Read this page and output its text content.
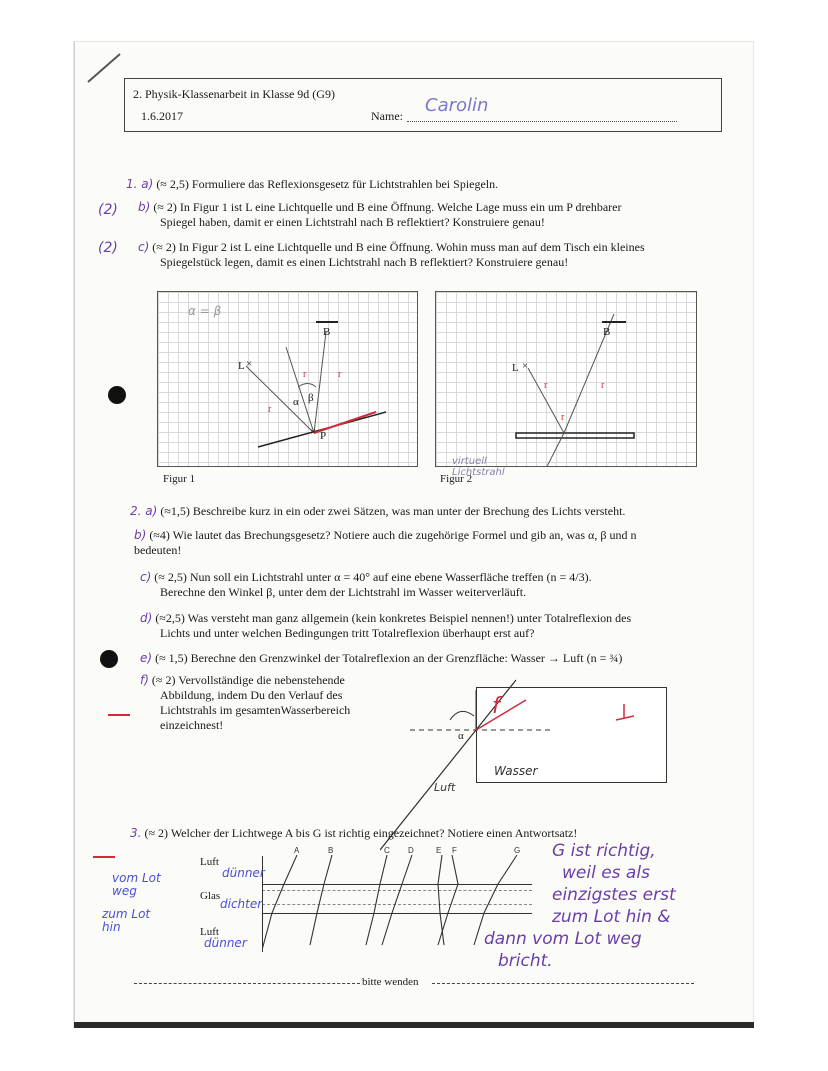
2. Physik-Klassenarbeit in Klasse 9d (G9)
1.6.2017	Name: Carolin
1. a) (≈ 2,5) Formuliere das Reflexionsgesetz für Lichtstrahlen bei Spiegeln.
(2) b) (≈ 2) In Figur 1 ist L eine Lichtquelle und B eine Öffnung. Welche Lage muss ein um P drehbarer
Spiegel haben, damit er einen Lichtstrahl nach B reflektiert? Konstruiere genau!
(2) c) (≈ 2) In Figur 2 ist L eine Lichtquelle und B eine Öffnung. Wohin muss man auf dem Tisch ein kleines
Spiegelstück legen, damit es einen Lichtstrahl nach B reflektiert? Konstruiere genau!
r
r	r
L ×
B
P
×
α β
α = β
Figur 1
r	r
r
L ×
B
Figur 2
virtuell Lichtstrahl
2. a) (≈1,5) Beschreibe kurz in ein oder zwei Sätzen, was man unter der Brechung des Lichts versteht.
b) (≈4) Wie lautet das Brechungsgesetz? Notiere auch die zugehörige Formel und gib an, was α, β und n
bedeuten!
c) (≈ 2,5) Nun soll ein Lichtstrahl unter α = 40° auf eine ebene Wasserfläche treffen (n = 4/3).
Berechne den Winkel β, unter dem der Lichtstrahl im Wasser weiterverläuft.
d) (≈2,5) Was versteht man ganz allgemein (kein konkretes Beispiel nennen!) unter Totalreflexion des
Lichts und unter welchen Bedingungen tritt Totalreflexion überhaupt erst auf?
e) (≈ 1,5) Berechne den Grenzwinkel der Totalreflexion an der Grenzfläche: Wasser → Luft (n = ¾)
f) (≈ 2) Vervollständige die nebenstehende
Abbildung, indem Du den Verlauf des
Lichtstrahls im gesamtenWasserbereich
einzeichnest!
Wasser
Luft
α
f
3. (≈ 2) Welcher der Lichtwege A bis G ist richtig eingezeichnet? Notiere einen Antwortsatz!
Luft
Glas
Luft
A	B	C D	E F	G
dünner
dichter
dünner
vom Lot weg
zum Lot hin
G ist richtig,
weil es als
einzigstes erst
zum Lot hin &
dann vom Lot weg
bricht.
bitte wenden
